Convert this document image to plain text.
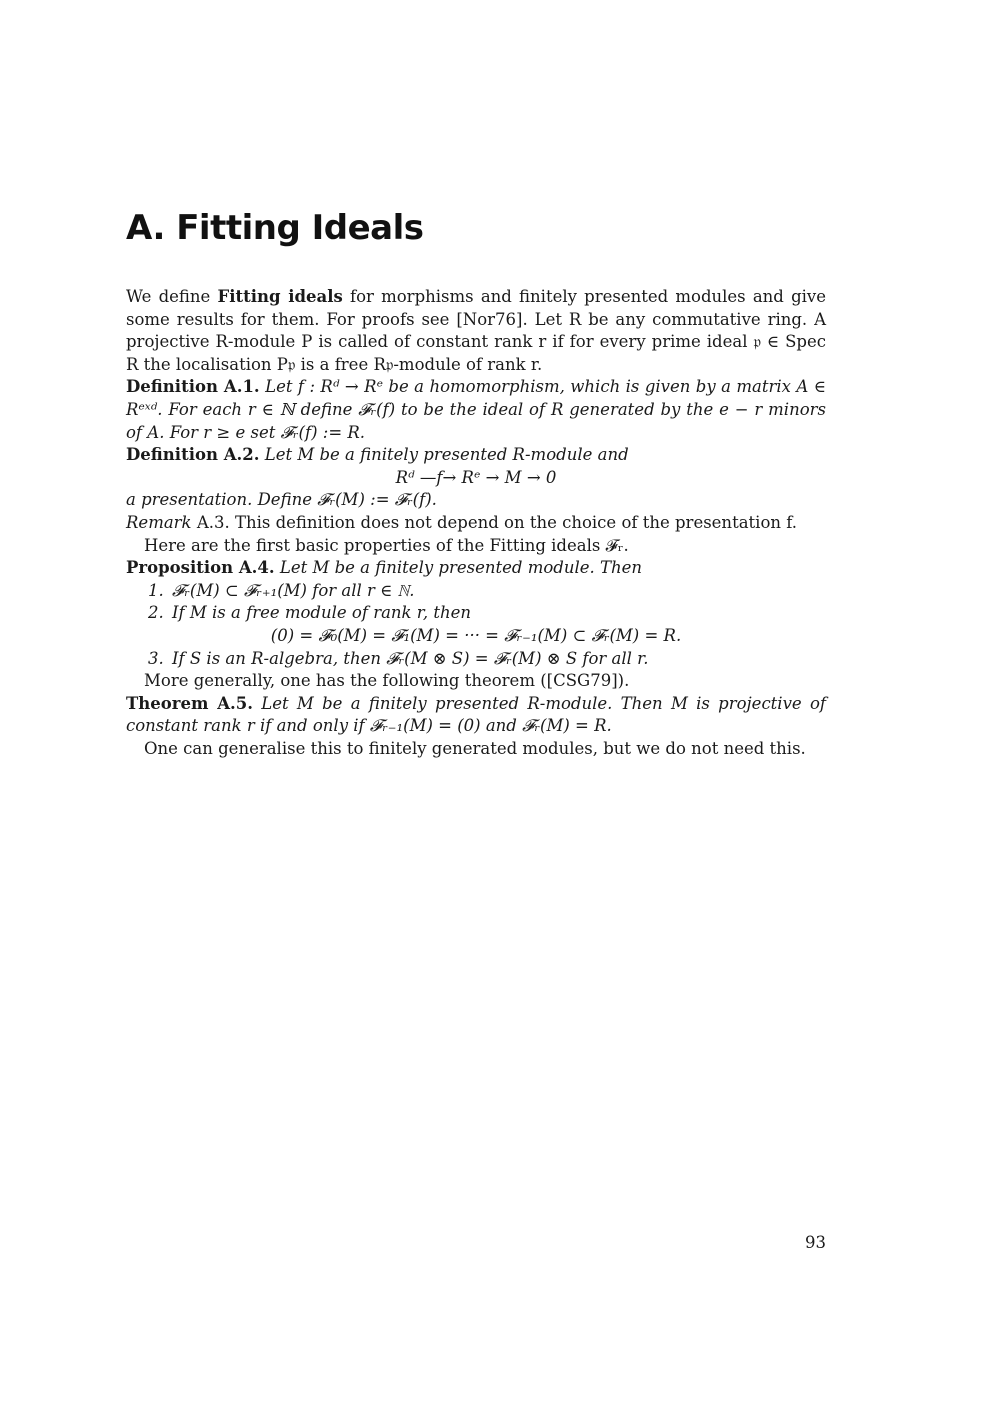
A. Fitting Ideals

We define Fitting ideals for morphisms and finitely presented modules and give some results for them. For proofs see [Nor76]. Let R be any commutative ring. A projective R-module P is called of constant rank r if for every prime ideal 𝔭 ∈ Spec R the localisation P𝔭 is a free R𝔭-module of rank r.

Definition A.1. Let f : Rᵈ → Rᵉ be a homomorphism, which is given by a matrix A ∈ Rᵉˣᵈ. For each r ∈ ℕ define 𝓕ᵣ(f) to be the ideal of R generated by the e − r minors of A. For r ≥ e set 𝓕ᵣ(f) := R.

Definition A.2. Let M be a finitely presented R-module and

Rᵈ —f→ Rᵉ → M → 0

a presentation. Define 𝓕ᵣ(M) := 𝓕ᵣ(f).

Remark A.3. This definition does not depend on the choice of the presentation f.

Here are the first basic properties of the Fitting ideals 𝓕ᵣ.

Proposition A.4. Let M be a finitely presented module. Then

1. 𝓕ᵣ(M) ⊂ 𝓕ᵣ₊₁(M) for all r ∈ ℕ.

2. If M is a free module of rank r, then

(0) = 𝓕₀(M) = 𝓕₁(M) = ··· = 𝓕ᵣ₋₁(M) ⊂ 𝓕ᵣ(M) = R.

3. If S is an R-algebra, then 𝓕ᵣ(M ⊗ S) = 𝓕ᵣ(M) ⊗ S for all r.

More generally, one has the following theorem ([CSG79]).

Theorem A.5. Let M be a finitely presented R-module. Then M is projective of constant rank r if and only if 𝓕ᵣ₋₁(M) = (0) and 𝓕ᵣ(M) = R.

One can generalise this to finitely generated modules, but we do not need this.

93
